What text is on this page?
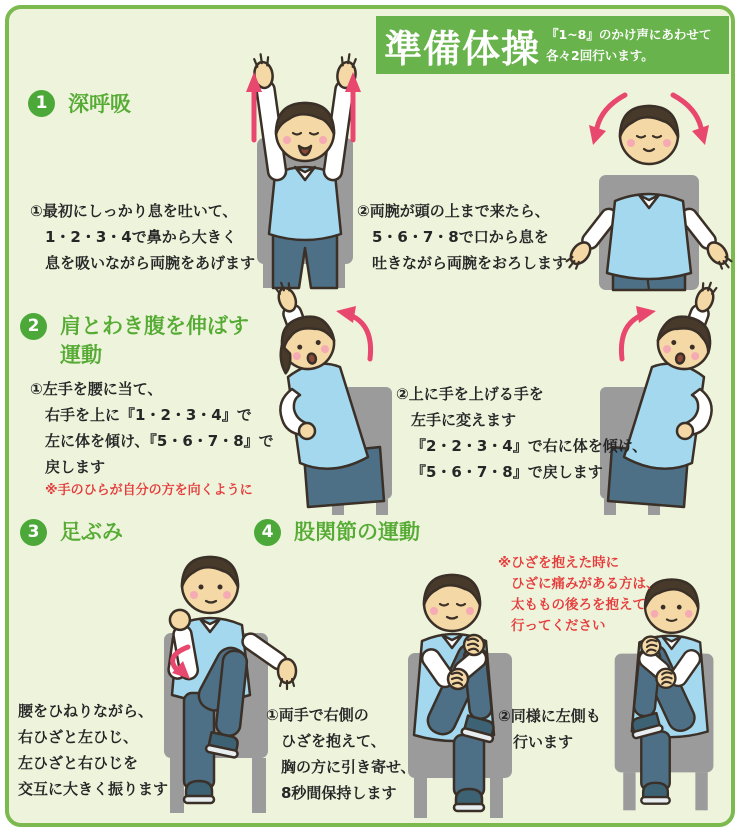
準備体操 『1~8』のかけ声にあわせて
各々2回行います。
1 深呼吸
①最初にしっかり息を吐いて、
1・2・3・4で鼻から大きく
息を吸いながら両腕をあげます
②両腕が頭の上まで来たら、
5・6・7・8で口から息を
吐きながら両腕をおろします
2 肩とわき腹を伸ばす
運動
①左手を腰に当て、
右手を上に『1・2・3・4』で
左に体を傾け、『5・6・7・8』で
戻します
※手のひらが自分の方を向くように
②上に手を上げる手を
左手に変えます
『2・2・3・4』で右に体を傾け、
『5・6・7・8』で戻します
3 足ぶみ	4 股関節の運動
※ひざを抱えた時に
ひざに痛みがある方は、
太ももの後ろを抱えて
行ってください
腰をひねりながら、
右ひざと左ひじ、
左ひざと右ひじを
交互に大きく振ります
①両手で右側の
ひざを抱えて、
胸の方に引き寄せ、
8秒間保持します
②同様に左側も
行います
